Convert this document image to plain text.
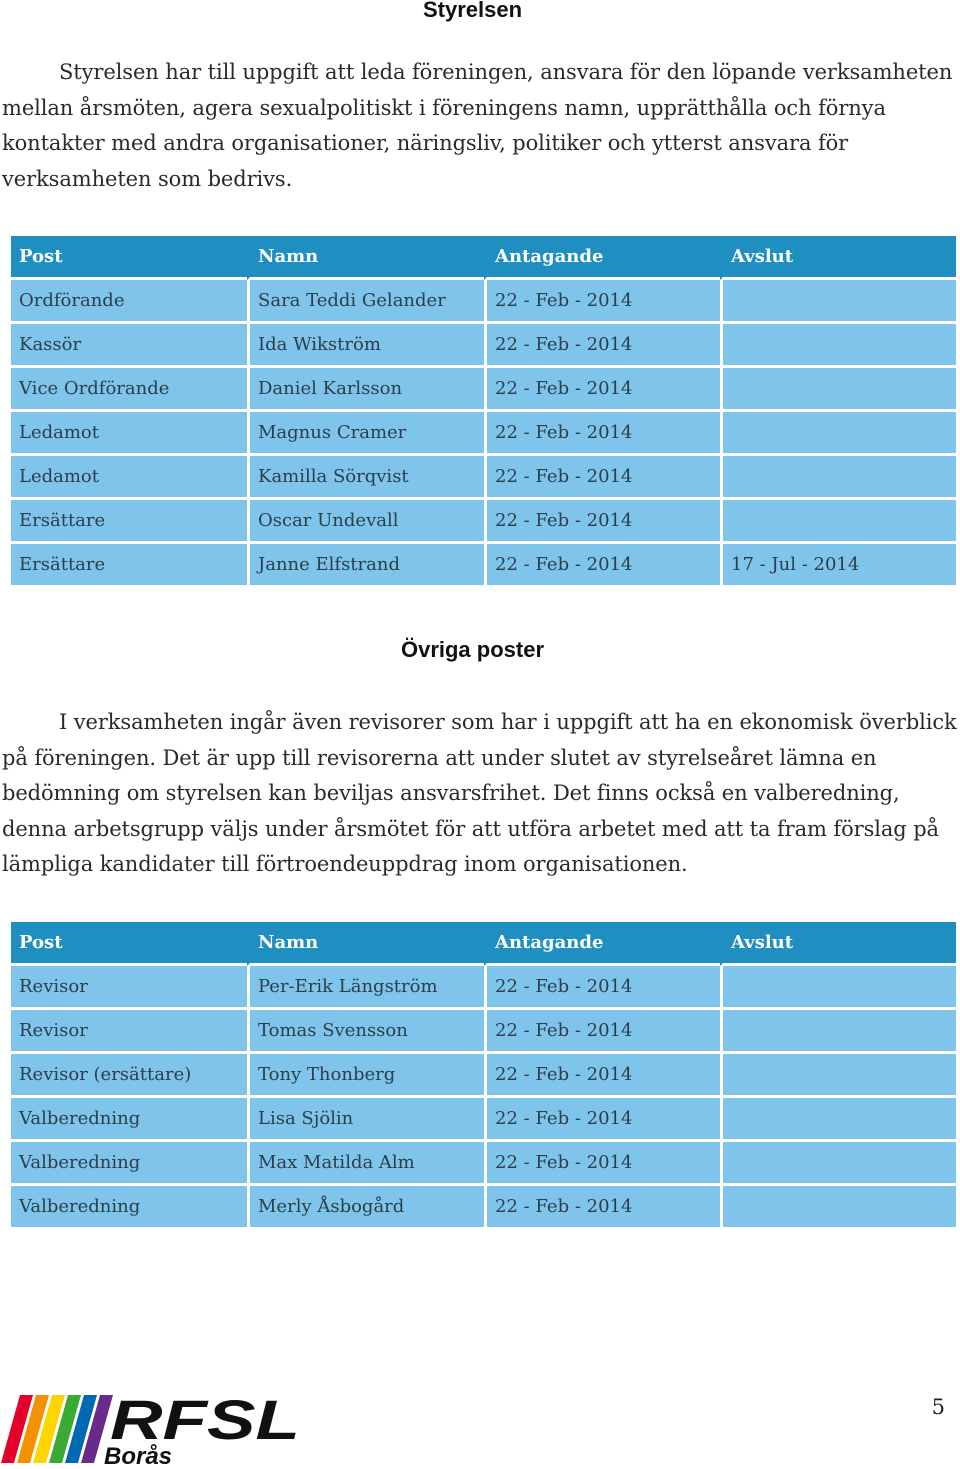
Styrelsen

Styrelsen har till uppgift att leda föreningen, ansvara för den löpande verksamheten mellan årsmöten, agera sexualpolitiskt i föreningens namn, upprätthålla och förnya kontakter med andra organisationer, näringsliv, politiker och ytterst ansvara för verksamheten som bedrivs.

Post	Namn	Antagande	Avslut
Ordförande	Sara Teddi Gelander	22 - Feb - 2014	
Kassör	Ida Wikström	22 - Feb - 2014	
Vice Ordförande	Daniel Karlsson	22 - Feb - 2014	
Ledamot	Magnus Cramer	22 - Feb - 2014	
Ledamot	Kamilla Sörqvist	22 - Feb - 2014	
Ersättare	Oscar Undevall	22 - Feb - 2014	
Ersättare	Janne Elfstrand	22 - Feb - 2014	17 - Jul - 2014
Övriga poster

I verksamheten ingår även revisorer som har i uppgift att ha en ekonomisk överblick på föreningen. Det är upp till revisorerna att under slutet av styrelseåret lämna en bedömning om styrelsen kan beviljas ansvarsfrihet. Det finns också en valberedning, denna arbetsgrupp väljs under årsmötet för att utföra arbetet med att ta fram förslag på lämpliga kandidater till förtroendeuppdrag inom organisationen.

Post	Namn	Antagande	Avslut
Revisor	Per-Erik Längström	22 - Feb - 2014	
Revisor	Tomas Svensson	22 - Feb - 2014	
Revisor (ersättare)	Tony Thonberg	22 - Feb - 2014	
Valberedning	Lisa Sjölin	22 - Feb - 2014	
Valberedning	Max Matilda Alm	22 - Feb - 2014	
Valberedning	Merly Åsbogård	22 - Feb - 2014	
RFSL
Borås
5
